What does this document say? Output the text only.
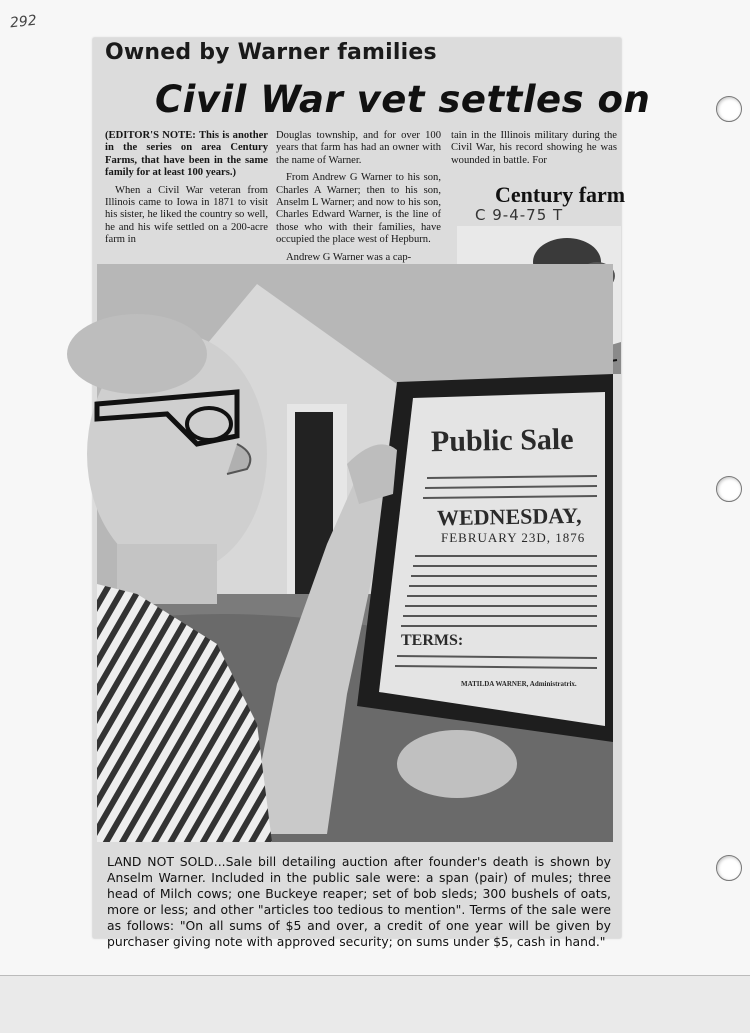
292
Owned by Warner families
Civil War vet settles on

(EDITOR'S NOTE: This is another in the series on area Century Farms, that have been in the same family for at least 100 years.)

When a Civil War veteran from Illinois came to Iowa in 1871 to visit his sister, he liked the country so well, he and his wife settled on a 200-acre farm in

Douglas township, and for over 100 years that farm has had an owner with the name of Warner.

From Andrew G Warner to his son, Charles A Warner; then to his son, Anselm L Warner; and now to his son, Charles Edward Warner, is the line of those who with their families, have occupied the place west of Hepburn.

Andrew G Warner was a cap-

tain in the Illinois military during the Civil War, his record showing he was wounded in battle. For

Century farm
C 9-4-75 T
Public Sale
WEDNESDAY,
FEBRUARY 23D, 1876
TERMS:
MATILDA WARNER, Administratrix.
LAND NOT SOLD...Sale bill detailing auction after founder's death is shown by Anselm Warner. Included in the public sale were: a span (pair) of mules; three head of Milch cows; one Buckeye reaper; set of bob sleds; 300 bushels of oats, more or less; and other "articles too tedious to mention". Terms of the sale were as follows: "On all sums of $5 and over, a credit of one year will be given by purchaser giving note with approved security; on sums under $5, cash in hand."
